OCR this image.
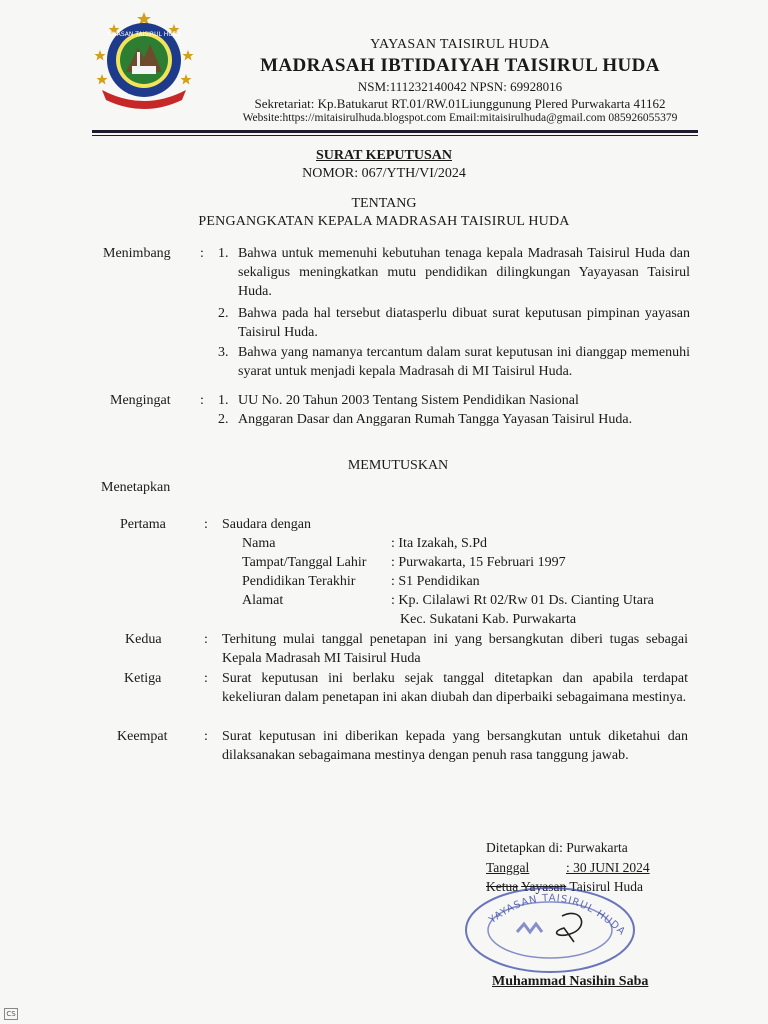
YAYASAN TAISIRUL HUDA
YAYASAN TAISIRUL HUDA
MADRASAH IBTIDAIYAH TAISIRUL HUDA
NSM:111232140042 NPSN: 69928016
Sekretariat: Kp.Batukarut RT.01/RW.01Liunggunung Plered Purwakarta 41162
Website:https://mitaisirulhuda.blogspot.com Email:mitaisirulhuda@gmail.com 085926055379
SURAT KEPUTUSAN
NOMOR: 067/YTH/VI/2024
TENTANG
PENGANGKATAN KEPALA MADRASAH TAISIRUL HUDA
Menimbang : 1. Bahwa untuk memenuhi kebutuhan tenaga kepala Madrasah Taisirul Huda dan sekaligus meningkatkan mutu pendidikan dilingkungan Yayayasan Taisirul Huda.
2. Bahwa pada hal tersebut diatasperlu dibuat surat keputusan pimpinan yayasan Taisirul Huda.
3. Bahwa yang namanya tercantum dalam surat keputusan ini dianggap memenuhi syarat untuk menjadi kepala Madrasah di MI Taisirul Huda.
Mengingat : 1. UU No. 20 Tahun 2003 Tentang Sistem Pendidikan Nasional
2. Anggaran Dasar dan Anggaran Rumah Tangga Yayasan Taisirul Huda.
MEMUTUSKAN
Menetapkan
Pertama	: Saudara dengan
Nama	: Ita Izakah, S.Pd
Tampat/Tanggal Lahir : Purwakarta, 15 Februari 1997
Pendidikan Terakhir	: S1 Pendidikan
Alamat	: Kp. Cilalawi Rt 02/Rw 01 Ds. Cianting Utara
Kec. Sukatani Kab. Purwakarta
Kedua	: Terhitung mulai tanggal penetapan ini yang bersangkutan diberi tugas sebagai Kepala Madrasah MI Taisirul Huda
Ketiga	: Surat keputusan ini berlaku sejak tanggal ditetapkan dan apabila terdapat kekeliuran dalam penetapan ini akan diubah dan diperbaiki sebagaimana mestinya.
Keempat	: Surat keputusan ini diberikan kepada yang bersangkutan untuk diketahui dan dilaksanakan sebagaimana mestinya dengan penuh rasa tanggung jawab.
Ditetapkan di: Purwakarta
Tanggal	: 30 JUNI 2024
Ketua Yayasan Taisirul Huda
YAYASAN TAISIRUL HUDA
Muhammad Nasihin Saba
CS
